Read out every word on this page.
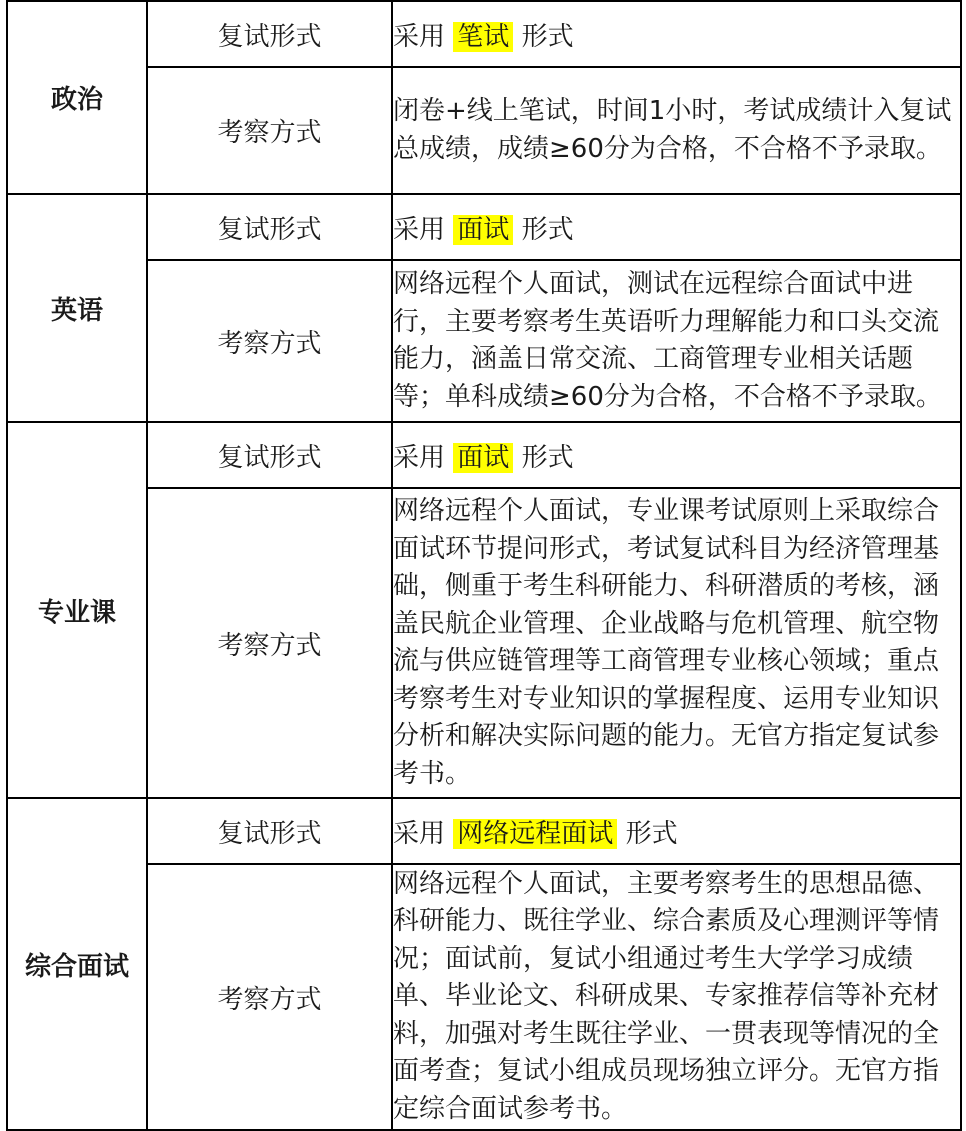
政治	复试形式	采用 笔试 形式
	考察方式	闭卷+线上笔试，时间1小时，考试成绩计入复试总成绩，成绩≥60分为合格，不合格不予录取。
英语	复试形式	采用 面试 形式
	考察方式	网络远程个人面试，测试在远程综合面试中进行，主要考察考生英语听力理解能力和口头交流能力，涵盖日常交流、工商管理专业相关话题等；单科成绩≥60分为合格，不合格不予录取。
专业课	复试形式	采用 面试 形式
	考察方式	网络远程个人面试，专业课考试原则上采取综合面试环节提问形式，考试复试科目为经济管理基础，侧重于考生科研能力、科研潜质的考核，涵盖民航企业管理、企业战略与危机管理、航空物流与供应链管理等工商管理专业核心领域；重点考察考生对专业知识的掌握程度、运用专业知识分析和解决实际问题的能力。无官方指定复试参考书。
综合面试	复试形式	采用 网络远程面试 形式
	考察方式	网络远程个人面试，主要考察考生的思想品德、科研能力、既往学业、综合素质及心理测评等情况；面试前，复试小组通过考生大学学习成绩单、毕业论文、科研成果、专家推荐信等补充材料，加强对考生既往学业、一贯表现等情况的全面考查；复试小组成员现场独立评分。无官方指定综合面试参考书。
